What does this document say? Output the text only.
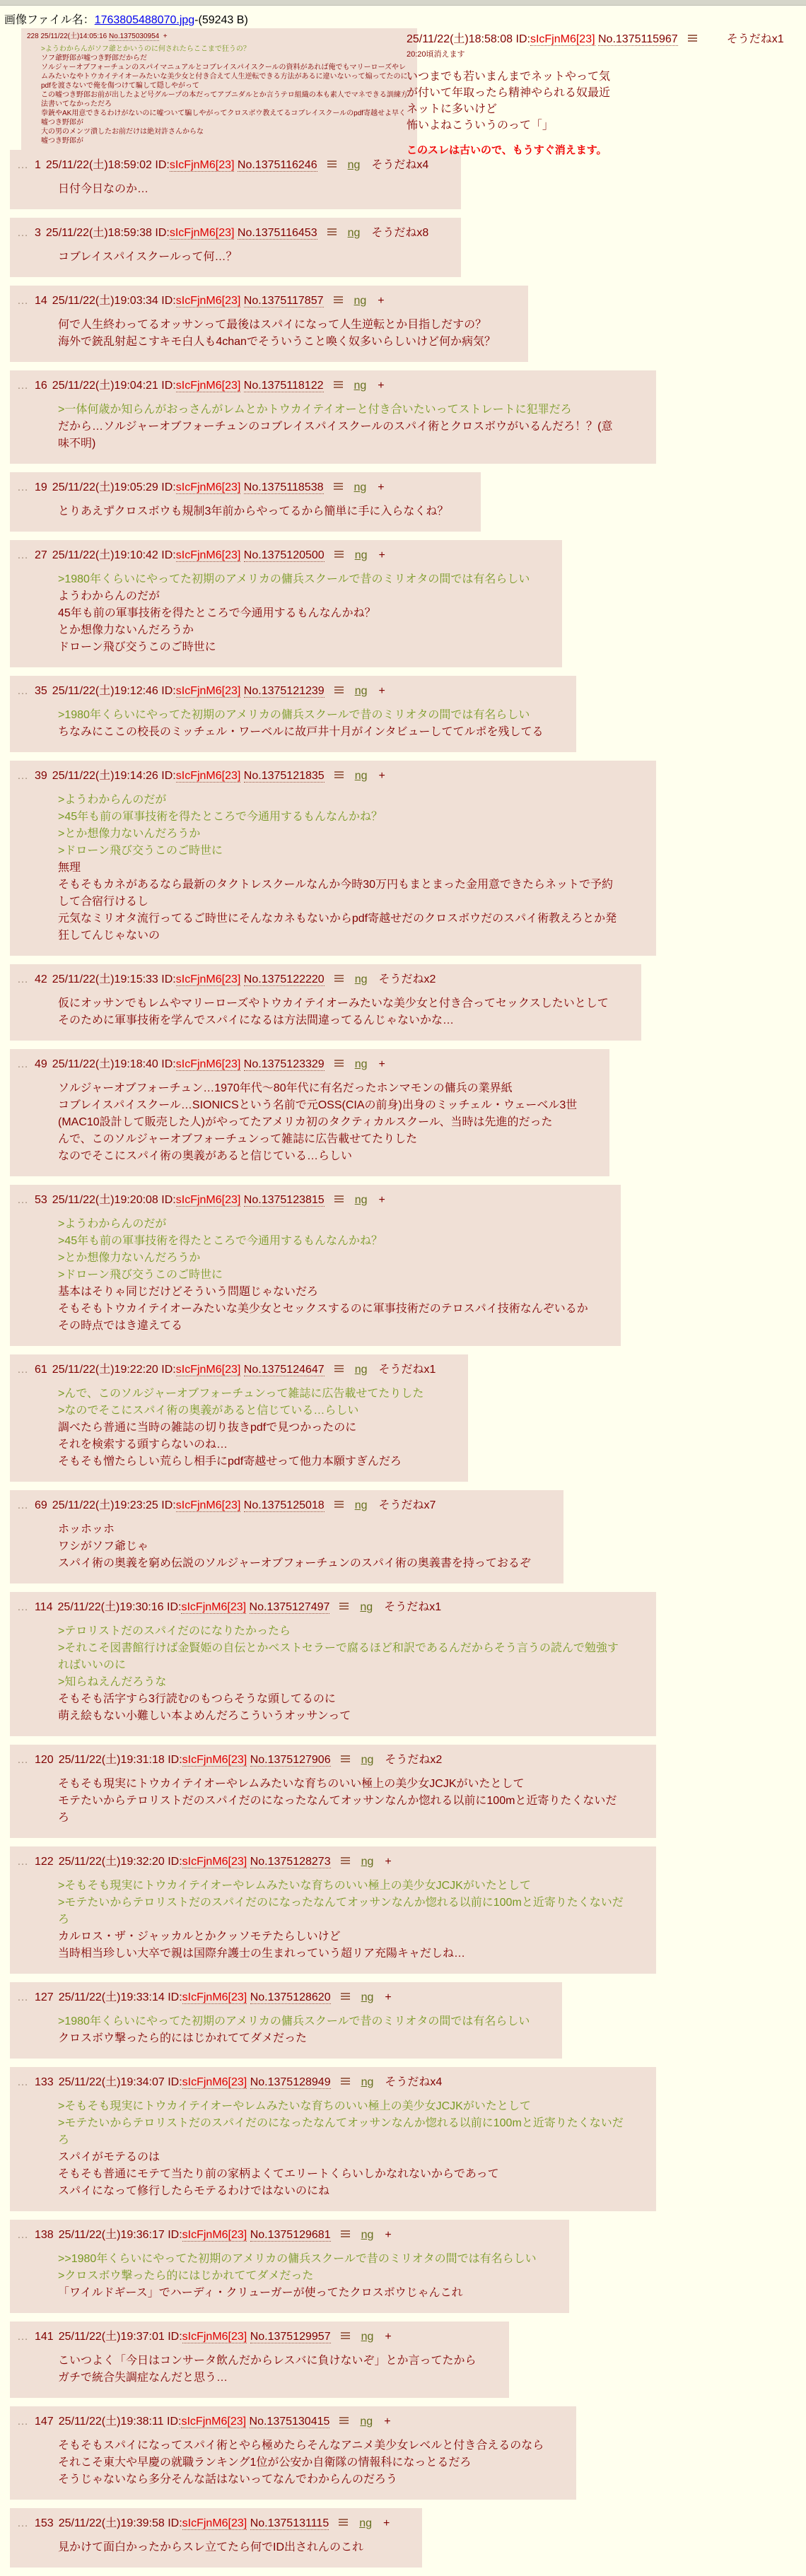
画像ファイル名：1763805488070.jpg-(59243 B)
228 25/11/22(土)14:05:16 No.1375030954 +
>ようわからんがソフ爺とかいうのに何されたらここまで狂うの？
ソフ爺野郎が嘘つき野郎だからだ
ソルジャーオブフォーチュンのスパイマニュアルとコブレイスパイスクールの資料があれば俺でもマリーローズやレムみたいなやトウカイテイオーみたいな美少女と付き合えて人生逆転できる方法があるに違いないって煽ってたのにpdfを渡さないで俺を傷つけて騙して隠しやがって
この嘘つき野郎お前が出したよど号グループの本だってアブニダルとか言うテロ組織の本も素人でマネできる訓練方法書いてなかっただろ
拳銃やAK用意できるわけがないのに嘘ついて騙しやがってクロスボウ教えてるコブレイスクールのpdf寄越せよ早く
嘘つき野郎が
大の男のメンツ潰したお前だけは絶対許さんからな
嘘つき野郎が
25/11/22(土)18:58:08 ID:sIcFjnM6[23] No.1375115967	そうだねx1
20:20頃消えます
いつまでも若いまんまでネットやって気
が付いて年取ったら精神やられる奴最近
ネットに多いけど
怖いよねこういうのって「」
このスレは古いので、もうすぐ消えます。
… 1 25/11/22(土)18:59:02 ID:sIcFjnM6[23] No.1375116246	ng そうだねx4
日付今日なのか…
… 3 25/11/22(土)18:59:38 ID:sIcFjnM6[23] No.1375116453	ng そうだねx8
コブレイスパイスクールって何…？
… 14 25/11/22(土)19:03:34 ID:sIcFjnM6[23] No.1375117857	ng +
何で人生終わってるオッサンって最後はスパイになって人生逆転とか目指しだすの？
海外で銃乱射起こすキモ白人も4chanでそういうこと喚く奴多いらしいけど何か病気？
… 16 25/11/22(土)19:04:21 ID:sIcFjnM6[23] No.1375118122	ng +
>一体何歳か知らんがおっさんがレムとかトウカイテイオーと付き合いたいってストレートに犯罪だろ
だから…ソルジャーオブフォーチュンのコブレイスパイスクールのスパイ術とクロスボウがいるんだろ！？(意味不明)
… 19 25/11/22(土)19:05:29 ID:sIcFjnM6[23] No.1375118538	ng +
とりあえずクロスボウも規制3年前からやってるから簡単に手に入らなくね？
… 27 25/11/22(土)19:10:42 ID:sIcFjnM6[23] No.1375120500	ng +
>1980年くらいにやってた初期のアメリカの傭兵スクールで昔のミリオタの間では有名らしい
ようわからんのだが
45年も前の軍事技術を得たところで今通用するもんなんかね？
とか想像力ないんだろうか
ドローン飛び交うこのご時世に
… 35 25/11/22(土)19:12:46 ID:sIcFjnM6[23] No.1375121239	ng +
>1980年くらいにやってた初期のアメリカの傭兵スクールで昔のミリオタの間では有名らしい
ちなみにここの校長のミッチェル・ワーベルに故戸井十月がインタビューしててルポを残してる
… 39 25/11/22(土)19:14:26 ID:sIcFjnM6[23] No.1375121835	ng +
>ようわからんのだが
>45年も前の軍事技術を得たところで今通用するもんなんかね？
>とか想像力ないんだろうか
>ドローン飛び交うこのご時世に
無理
そもそもカネがあるなら最新のタクトレスクールなんか今時30万円もまとまった金用意できたらネットで予約して合宿行けるし
元気なミリオタ流行ってるご時世にそんなカネもないからpdf寄越せだのクロスボウだのスパイ術教えろとか発狂してんじゃないの
… 42 25/11/22(土)19:15:33 ID:sIcFjnM6[23] No.1375122220	ng そうだねx2
仮にオッサンでもレムやマリーローズやトウカイテイオーみたいな美少女と付き合ってセックスしたいとして
そのために軍事技術を学んでスパイになるは方法間違ってるんじゃないかな…
… 49 25/11/22(土)19:18:40 ID:sIcFjnM6[23] No.1375123329	ng +
ソルジャーオブフォーチュン…1970年代～80年代に有名だったホンマモンの傭兵の業界紙
コブレイスパイスクール…SIONICSという名前で元OSS(CIAの前身)出身のミッチェル・ウェーベル3世
(MAC10設計して販売した人)がやってたアメリカ初のタクティカルスクール、当時は先進的だった
んで、このソルジャーオブフォーチュンって雑誌に広告載せてたりした
なのでそこにスパイ術の奥義があると信じている…らしい
… 53 25/11/22(土)19:20:08 ID:sIcFjnM6[23] No.1375123815	ng +
>ようわからんのだが
>45年も前の軍事技術を得たところで今通用するもんなんかね？
>とか想像力ないんだろうか
>ドローン飛び交うこのご時世に
基本はそりゃ同じだけどそういう問題じゃないだろ
そもそもトウカイテイオーみたいな美少女とセックスするのに軍事技術だのテロスパイ技術なんぞいるか
その時点ではき違えてる
… 61 25/11/22(土)19:22:20 ID:sIcFjnM6[23] No.1375124647	ng そうだねx1
>んで、このソルジャーオブフォーチュンって雑誌に広告載せてたりした
>なのでそこにスパイ術の奥義があると信じている…らしい
調べたら普通に当時の雑誌の切り抜きpdfで見つかったのに
それを検索する頭すらないのね…
そもそも憎たらしい荒らし相手にpdf寄越せって他力本願すぎんだろ
… 69 25/11/22(土)19:23:25 ID:sIcFjnM6[23] No.1375125018	ng そうだねx7
ホッホッホ
ワシがソフ爺じゃ
スパイ術の奥義を窮め伝説のソルジャーオブフォーチュンのスパイ術の奥義書を持っておるぞ
… 114 25/11/22(土)19:30:16 ID:sIcFjnM6[23] No.1375127497	ng そうだねx1
>テロリストだのスパイだのになりたかったら
>それこそ図書館行けば金賢姫の自伝とかベストセラーで腐るほど和訳であるんだからそう言うの読んで勉強すればいいのに
>知らねえんだろうな
そもそも活字すら3行読むのもつらそうな頭してるのに
萌え絵もない小難しい本よめんだろこういうオッサンって
… 120 25/11/22(土)19:31:18 ID:sIcFjnM6[23] No.1375127906	ng そうだねx2
そもそも現実にトウカイテイオーやレムみたいな育ちのいい極上の美少女JCJKがいたとして
モテたいからテロリストだのスパイだのになったなんてオッサンなんか惚れる以前に100mと近寄りたくないだろ
… 122 25/11/22(土)19:32:20 ID:sIcFjnM6[23] No.1375128273	ng +
>そもそも現実にトウカイテイオーやレムみたいな育ちのいい極上の美少女JCJKがいたとして
>モテたいからテロリストだのスパイだのになったなんてオッサンなんか惚れる以前に100mと近寄りたくないだろ
カルロス・ザ・ジャッカルとかクッソモテたらしいけど
当時相当珍しい大卒で親は国際弁護士の生まれっていう超リア充陽キャだしね…
… 127 25/11/22(土)19:33:14 ID:sIcFjnM6[23] No.1375128620	ng +
>1980年くらいにやってた初期のアメリカの傭兵スクールで昔のミリオタの間では有名らしい
クロスボウ撃ったら的にはじかれててダメだった
… 133 25/11/22(土)19:34:07 ID:sIcFjnM6[23] No.1375128949	ng そうだねx4
>そもそも現実にトウカイテイオーやレムみたいな育ちのいい極上の美少女JCJKがいたとして
>モテたいからテロリストだのスパイだのになったなんてオッサンなんか惚れる以前に100mと近寄りたくないだろ
スパイがモテるのは
そもそも普通にモテて当たり前の家柄よくてエリートくらいしかなれないからであって
スパイになって修行したらモテるわけではないのにね
… 138 25/11/22(土)19:36:17 ID:sIcFjnM6[23] No.1375129681	ng +
>>1980年くらいにやってた初期のアメリカの傭兵スクールで昔のミリオタの間では有名らしい
>クロスボウ撃ったら的にはじかれててダメだった
「ワイルドギース」でハーディ・クリューガーが使ってたクロスボウじゃんこれ
… 141 25/11/22(土)19:37:01 ID:sIcFjnM6[23] No.1375129957	ng +
こいつよく「今日はコンサータ飲んだからレスバに負けないぞ」とか言ってたから
ガチで統合失調症なんだと思う…
… 147 25/11/22(土)19:38:11 ID:sIcFjnM6[23] No.1375130415	ng +
そもそもスパイになってスパイ術とやら極めたらそんなアニメ美少女レベルと付き合えるのなら
それこそ東大や早慶の就職ランキング1位が公安か自衛隊の情報科になっとるだろ
そうじゃないなら多分そんな話はないってなんでわからんのだろう
… 153 25/11/22(土)19:39:58 ID:sIcFjnM6[23] No.1375131115	ng +
見かけて面白かったからスレ立てたら何でID出されんのこれ
